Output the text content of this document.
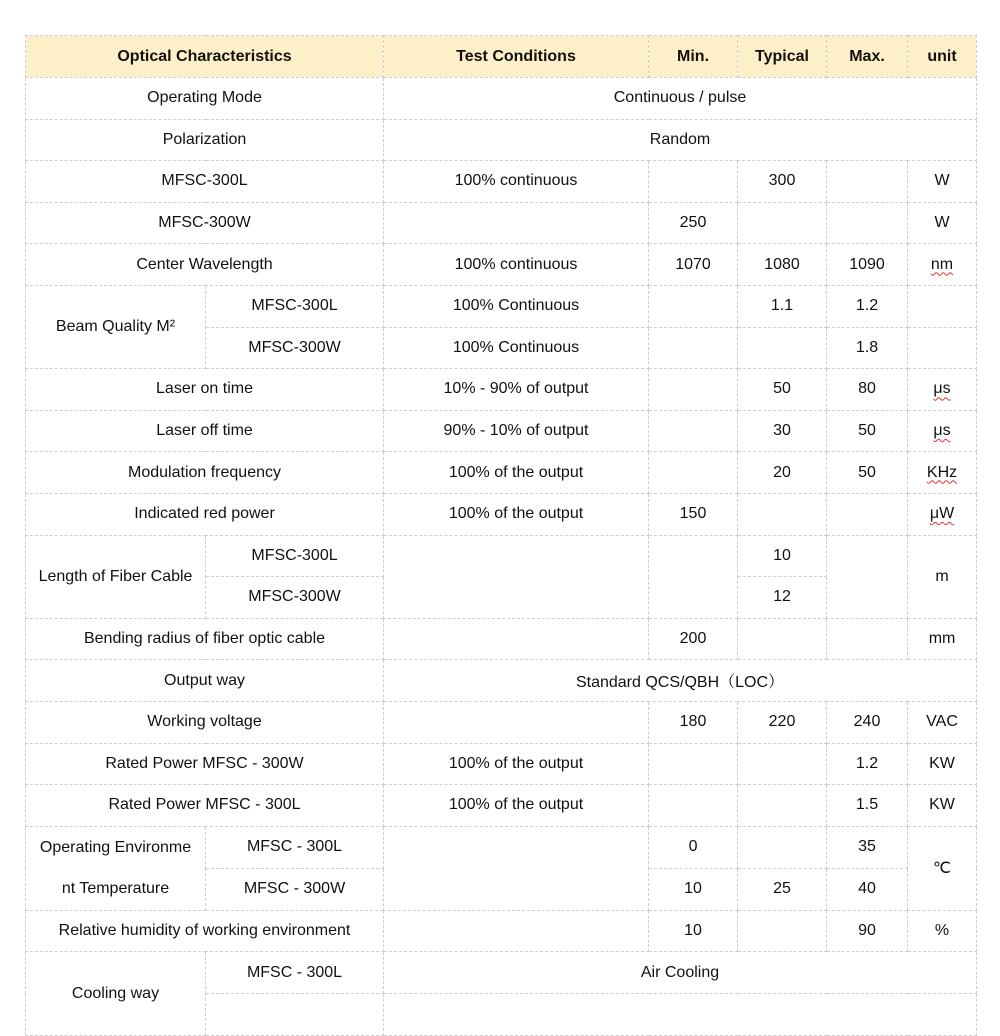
Optical Characteristics		Test Conditions	Min.	Typical	Max.	unit
Operating Mode		Continuous / pulse				
Polarization		Random				
MFSC-300L		100% continuous		300		W
MFSC-300W			250			W
Center Wavelength		100% continuous	1070	1080	1090	nm
Beam Quality M²	MFSC-300L	100% Continuous		1.1	1.2	
	MFSC-300W	100% Continuous			1.8	
Laser on time		10% - 90% of output		50	80	μs
Laser off time		90% - 10% of output		30	50	μs
Modulation frequency		100% of the output		20	50	KHz
Indicated red power		100% of the output	150			μW
Length of Fiber Cable	MFSC-300L			10		m
	MFSC-300W			12		
Bending radius of fiber optic cable			200			mm
Output way		Standard QCS/QBH（LOC）				
Working voltage			180	220	240	VAC
Rated Power MFSC - 300W		100% of the output			1.2	KW
Rated Power MFSC - 300L		100% of the output			1.5	KW

Operating Environme
nt Temperature	MFSC - 300L		0		35	℃
	MFSC - 300W		10	25	40	
Relative humidity of working environment			10		90	%
Cooling way	MFSC - 300L	Air Cooling				
